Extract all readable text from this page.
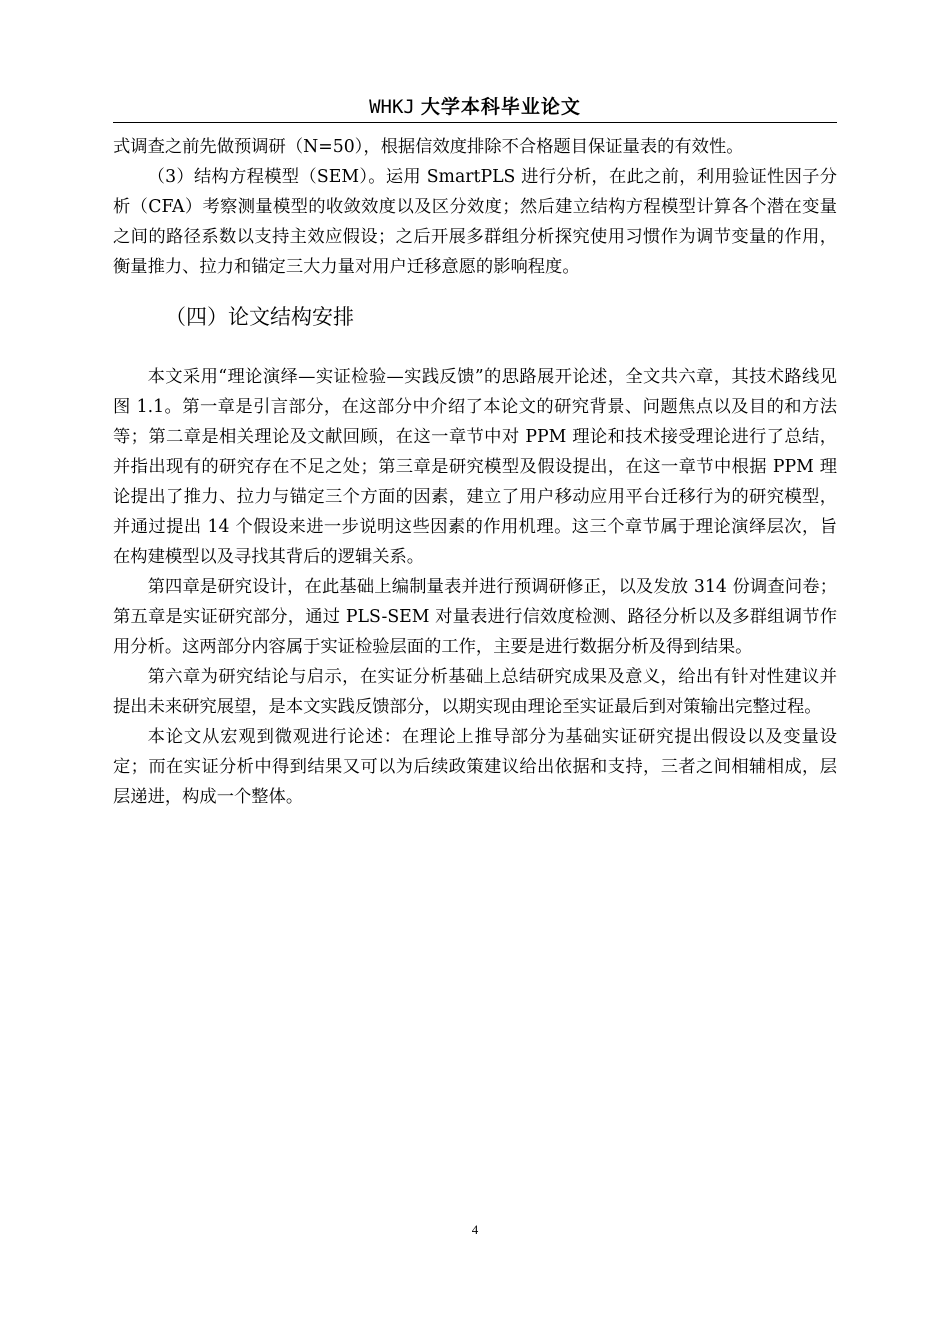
WHKJ 大学本科毕业论文

式调查之前先做预调研（N=50），根据信效度排除不合格题目保证量表的有效性。

（3）结构方程模型（SEM）。运用 SmartPLS 进行分析，在此之前，利用验证性因子分析（CFA）考察测量模型的收敛效度以及区分效度；然后建立结构方程模型计算各个潜在变量之间的路径系数以支持主效应假设；之后开展多群组分析探究使用习惯作为调节变量的作用，衡量推力、拉力和锚定三大力量对用户迁移意愿的影响程度。

（四）论文结构安排

本文采用“理论演绎—实证检验—实践反馈”的思路展开论述，全文共六章，其技术路线见图 1.1。第一章是引言部分，在这部分中介绍了本论文的研究背景、问题焦点以及目的和方法等；第二章是相关理论及文献回顾，在这一章节中对 PPM 理论和技术接受理论进行了总结，并指出现有的研究存在不足之处；第三章是研究模型及假设提出，在这一章节中根据 PPM 理论提出了推力、拉力与锚定三个方面的因素，建立了用户移动应用平台迁移行为的研究模型，并通过提出 14 个假设来进一步说明这些因素的作用机理。这三个章节属于理论演绎层次，旨在构建模型以及寻找其背后的逻辑关系。

第四章是研究设计，在此基础上编制量表并进行预调研修正，以及发放 314 份调查问卷；第五章是实证研究部分，通过 PLS-SEM 对量表进行信效度检测、路径分析以及多群组调节作用分析。这两部分内容属于实证检验层面的工作，主要是进行数据分析及得到结果。

第六章为研究结论与启示，在实证分析基础上总结研究成果及意义，给出有针对性建议并提出未来研究展望，是本文实践反馈部分，以期实现由理论至实证最后到对策输出完整过程。

本论文从宏观到微观进行论述：在理论上推导部分为基础实证研究提出假设以及变量设定；而在实证分析中得到结果又可以为后续政策建议给出依据和支持，三者之间相辅相成，层层递进，构成一个整体。

4
